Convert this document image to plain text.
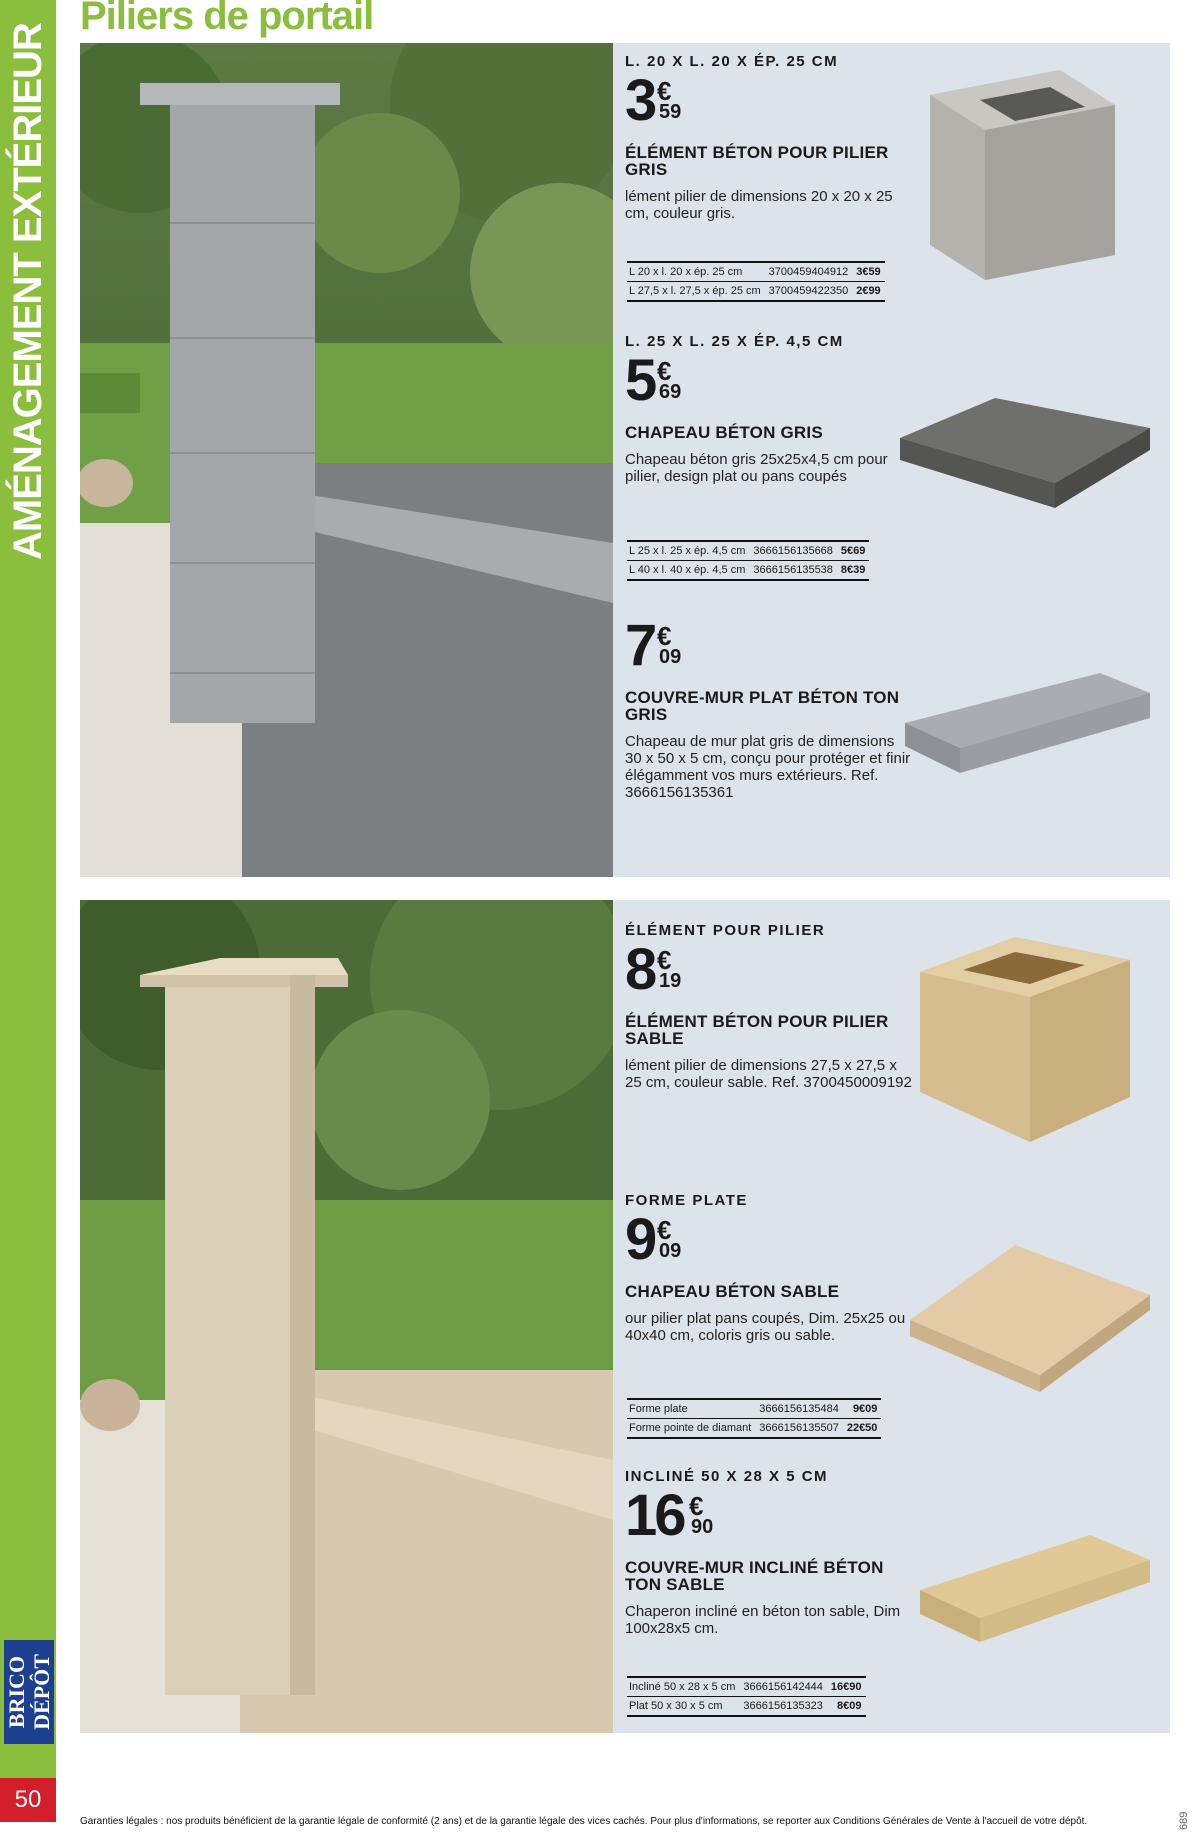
AMÉNAGEMENT EXTÉRIEUR
BRICO DÉPÔT
50
Piliers de portail

L. 20 X L. 20 X ÉP. 25 CM

3 €
59

ÉLÉMENT BÉTON POUR PILIER GRIS

lément pilier de dimensions 20 x 20 x 25 cm, couleur gris.

L 20 x l. 20 x ép. 25 cm	3700459404912	3€59
L 27,5 x l. 27,5 x ép. 25 cm	3700459422350	2€99

L. 25 X L. 25 X ÉP. 4,5 CM

5 €
69

CHAPEAU BÉTON GRIS

Chapeau béton gris 25x25x4,5 cm pour pilier, design plat ou pans coupés

L 25 x l. 25 x ép. 4,5 cm	3666156135668	5€69
L 40 x l. 40 x ép. 4,5 cm	3666156135538	8€39

7 €
09

COUVRE-MUR PLAT BÉTON TON GRIS

Chapeau de mur plat gris de dimensions 30 x 50 x 5 cm, conçu pour protéger et finir élégamment vos murs extérieurs. Ref. 3666156135361

ÉLÉMENT POUR PILIER

8 €
19

ÉLÉMENT BÉTON POUR PILIER SABLE

lément pilier de dimensions 27,5 x 27,5 x 25 cm, couleur sable. Ref. 3700450009192

FORME PLATE

9 €
09

CHAPEAU BÉTON SABLE

our pilier plat pans coupés, Dim. 25x25 ou 40x40 cm, coloris gris ou sable.

Forme plate	3666156135484	9€09
Forme pointe de diamant	3666156135507	22€50

INCLINÉ 50 X 28 X 5 CM

16 €
90

COUVRE-MUR INCLINÉ BÉTON TON SABLE

Chaperon incliné en béton ton sable, Dim 100x28x5 cm.

Incliné 50 x 28 x 5 cm	3666156142444	16€90
Plat 50 x 30 x 5 cm	3666156135323	8€09
Garanties légales : nos produits bénéficient de la garantie légale de conformité (2 ans) et de la garantie légale des vices cachés. Pour plus d'informations, se reporter aux Conditions Générales de Vente à l'accueil de votre dépôt.	689
